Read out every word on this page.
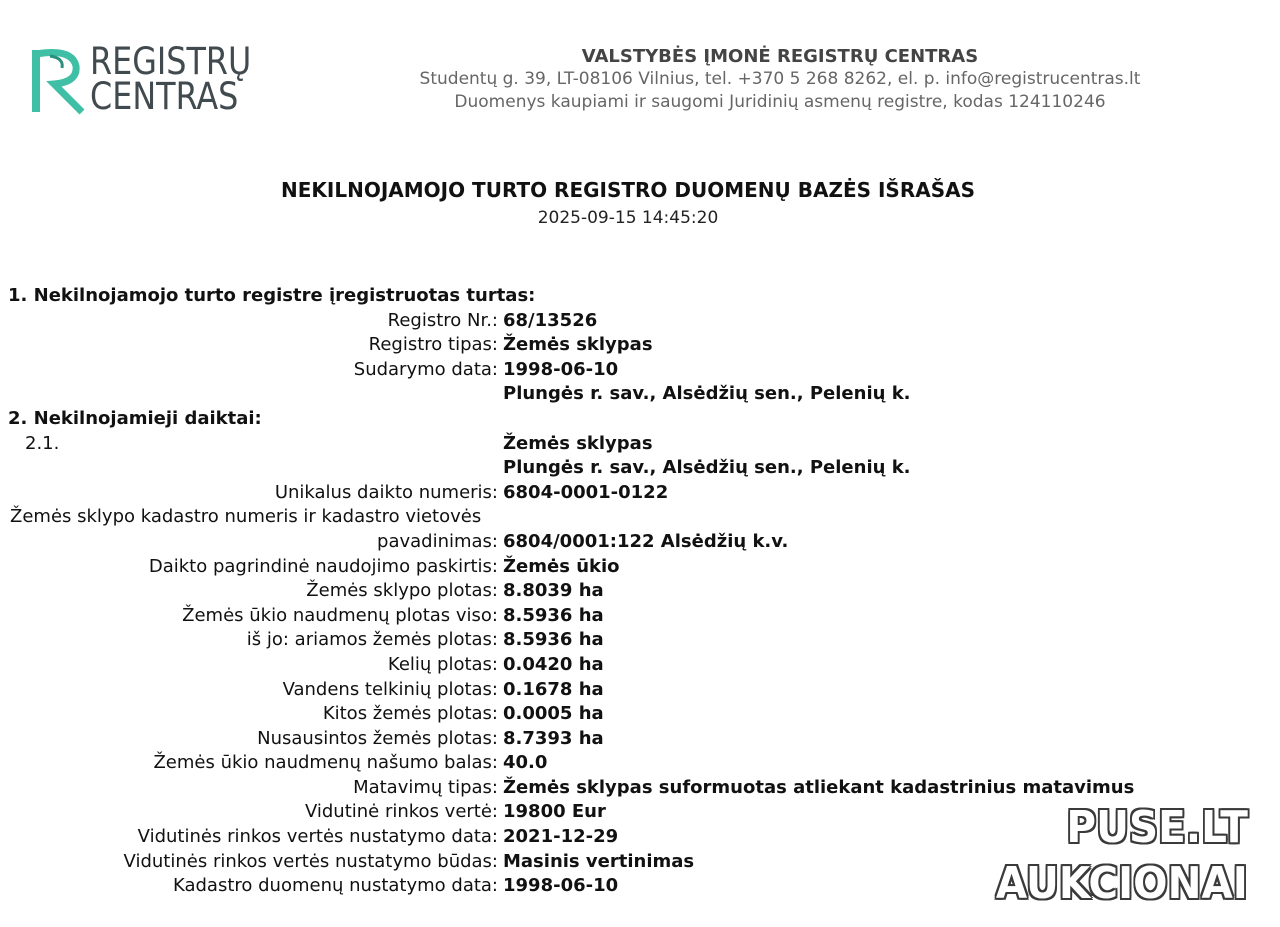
REGISTRŲ
CENTRAS
VALSTYBĖS ĮMONĖ REGISTRŲ CENTRAS
Studentų g. 39, LT-08106 Vilnius, tel. +370 5 268 8262, el. p. info@registrucentras.lt
Duomenys kaupiami ir saugomi Juridinių asmenų registre, kodas 124110246
NEKILNOJAMOJO TURTO REGISTRO DUOMENŲ BAZĖS IŠRAŠAS
2025-09-15 14:45:20
1. Nekilnojamojo turto registre įregistruotas turtas:
Registro Nr.: 68/13526
Registro tipas: Žemės sklypas
Sudarymo data: 1998-06-10
Plungės r. sav., Alsėdžių sen., Pelenių k.
2. Nekilnojamieji daiktai:
2.1.	Žemės sklypas
Plungės r. sav., Alsėdžių sen., Pelenių k.
Unikalus daikto numeris: 6804-0001-0122
Žemės sklypo kadastro numeris ir kadastro vietovės
pavadinimas: 6804/0001:122 Alsėdžių k.v.
Daikto pagrindinė naudojimo paskirtis: Žemės ūkio
Žemės sklypo plotas: 8.8039 ha
Žemės ūkio naudmenų plotas viso: 8.5936 ha
iš jo: ariamos žemės plotas: 8.5936 ha
Kelių plotas: 0.0420 ha
Vandens telkinių plotas: 0.1678 ha
Kitos žemės plotas: 0.0005 ha
Nusausintos žemės plotas: 8.7393 ha
Žemės ūkio naudmenų našumo balas: 40.0
Matavimų tipas: Žemės sklypas suformuotas atliekant kadastrinius matavimus
Vidutinė rinkos vertė: 19800 Eur
Vidutinės rinkos vertės nustatymo data: 2021-12-29
Vidutinės rinkos vertės nustatymo būdas: Masinis vertinimas
Kadastro duomenų nustatymo data: 1998-06-10
PUSE.LT
AUKCIONAI
